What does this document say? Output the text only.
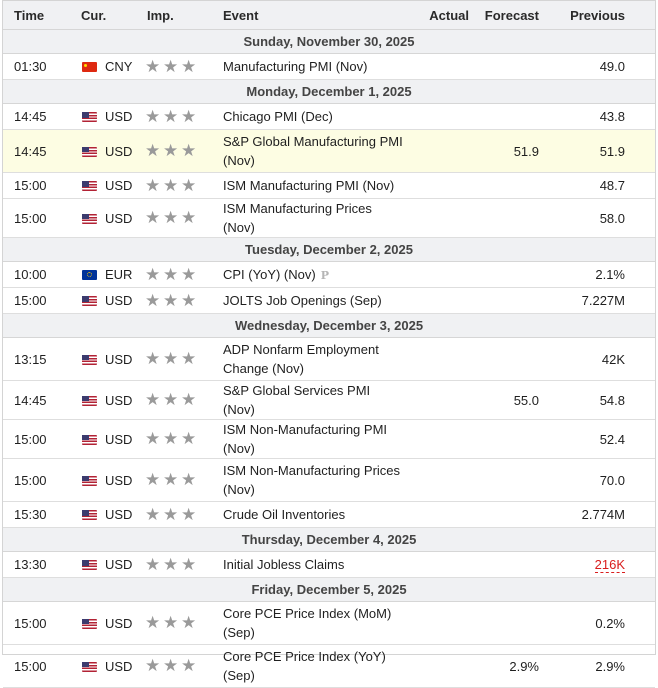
Time	Cur.	Imp.	Event	Actual	Forecast	Previous	
Sunday, November 30, 2025							
01:30	CNY	★ ★ ★	Manufacturing PMI (Nov)			49.0	
Monday, December 1, 2025							
14:45	USD	★ ★ ★	Chicago PMI (Dec)			43.8	
14:45	USD	★ ★ ★	S&P Global Manufacturing PMI (Nov)		51.9	51.9	
15:00	USD	★ ★ ★	ISM Manufacturing PMI (Nov)			48.7	
15:00	USD	★ ★ ★	ISM Manufacturing Prices (Nov)			58.0	
Tuesday, December 2, 2025							
10:00	EUR	★ ★ ★	CPI (YoY) (Nov) P			2.1%	
15:00	USD	★ ★ ★	JOLTS Job Openings (Sep)			7.227M	
Wednesday, December 3, 2025							
13:15	USD	★ ★ ★	ADP Nonfarm Employment Change (Nov)			42K	
14:45	USD	★ ★ ★	S&P Global Services PMI (Nov)		55.0	54.8	
15:00	USD	★ ★ ★	ISM Non-Manufacturing PMI (Nov)			52.4	
15:00	USD	★ ★ ★	ISM Non-Manufacturing Prices (Nov)			70.0	
15:30	USD	★ ★ ★	Crude Oil Inventories			2.774M	
Thursday, December 4, 2025							
13:30	USD	★ ★ ★	Initial Jobless Claims			216K	
Friday, December 5, 2025							
15:00	USD	★ ★ ★	Core PCE Price Index (MoM) (Sep)			0.2%	
15:00	USD	★ ★ ★	Core PCE Price Index (YoY) (Sep)		2.9%	2.9%	
